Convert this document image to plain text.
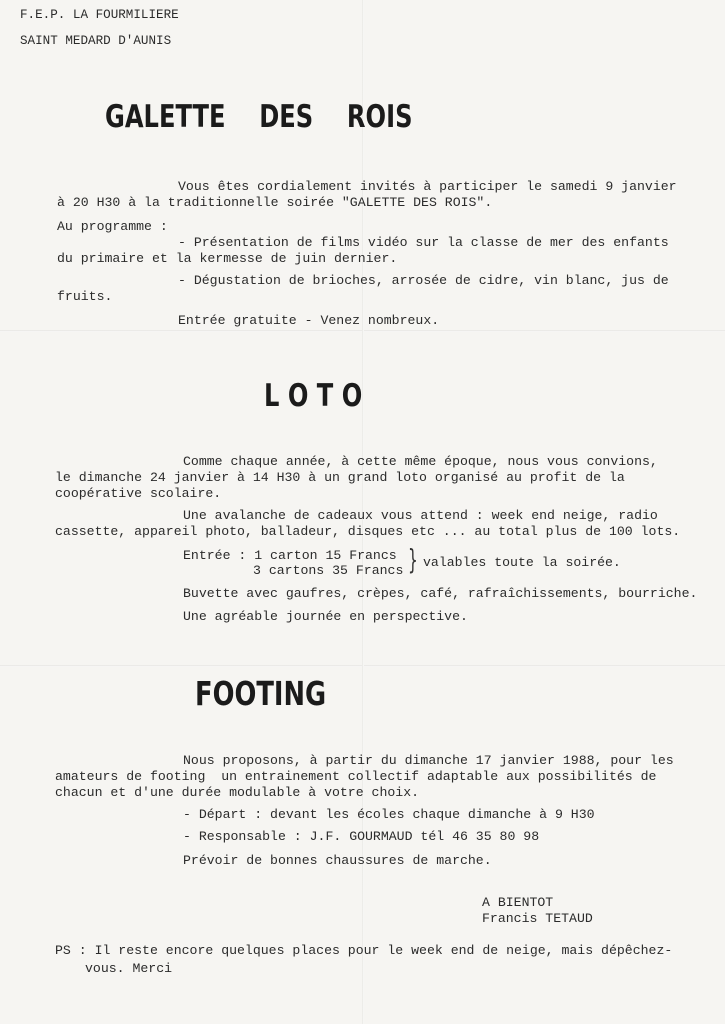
F.E.P. LA FOURMILIERE
SAINT MEDARD D'AUNIS
GALETTE    DES    ROIS
Vous êtes cordialement invités à participer le samedi 9 janvier
à 20 H30 à la traditionnelle soirée "GALETTE DES ROIS".
Au programme :
- Présentation de films vidéo sur la classe de mer des enfants
du primaire et la kermesse de juin dernier.
- Dégustation de brioches, arrosée de cidre, vin blanc, jus de
fruits.
Entrée gratuite - Venez nombreux.
L O T O
Comme chaque année, à cette même époque, nous vous convions,
le dimanche 24 janvier à 14 H30 à un grand loto organisé au profit de la
coopérative scolaire.
Une avalanche de cadeaux vous attend : week end neige, radio
cassette, appareil photo, balladeur, disques etc ... au total plus de 100 lots.
Entrée : 1 carton 15 Francs
3 cartons 35 Francs } valables toute la soirée.
Buvette avec gaufres, crèpes, café, rafraîchissements, bourriche.
Une agréable journée en perspective.
FOOTING
Nous proposons, à partir du dimanche 17 janvier 1988, pour les
amateurs de footing  un entrainement collectif adaptable aux possibilités de
chacun et d'une durée modulable à votre choix.
- Départ : devant les écoles chaque dimanche à 9 H30
- Responsable : J.F. GOURMAUD tél 46 35 80 98
Prévoir de bonnes chaussures de marche.
A BIENTOT
Francis TETAUD
PS : Il reste encore quelques places pour le week end de neige, mais dépêchez-
vous. Merci
